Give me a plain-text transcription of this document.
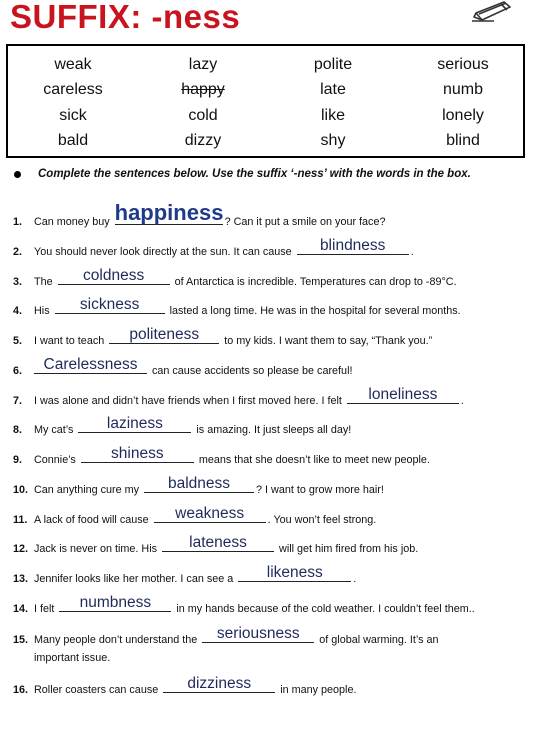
SUFFIX: -ness
weak	lazy	polite	serious
careless	happy	late	numb
sick	cold	like	lonely
bald	dizzy	shy	blind
Complete the sentences below. Use the suffix ‘-ness’ with the words in the box.
1. Can money buy happiness ? Can it put a smile on your face?
2. You should never look directly at the sun. It can cause	blindness	.
3. The	coldness	of Antarctica is incredible. Temperatures can drop to -89°C.
4. His	sickness	lasted a long time. He was in the hospital for several months.
5. I want to teach	politeness	to my kids. I want them to say, “Thank you.”
6.	Carelessness	can cause accidents so please be careful!
7. I was alone and didn’t have friends when I first moved here. I felt	loneliness	.
8. My cat’s	laziness	is amazing. It just sleeps all day!
9. Connie’s	shiness	means that she doesn’t like to meet new people.
10. Can anything cure my	baldness	? I want to grow more hair!
11. A lack of food will cause	weakness	. You won’t feel strong.
12. Jack is never on time. His	lateness	will get him fired from his job.
13. Jennifer looks like her mother. I can see a	likeness	.
14. I felt	numbness	in my hands because of the cold weather. I couldn’t feel them..
15. Many people don’t understand the	seriousness	of global warming. It’s an
important issue.
16. Roller coasters can cause	dizziness	in many people.
